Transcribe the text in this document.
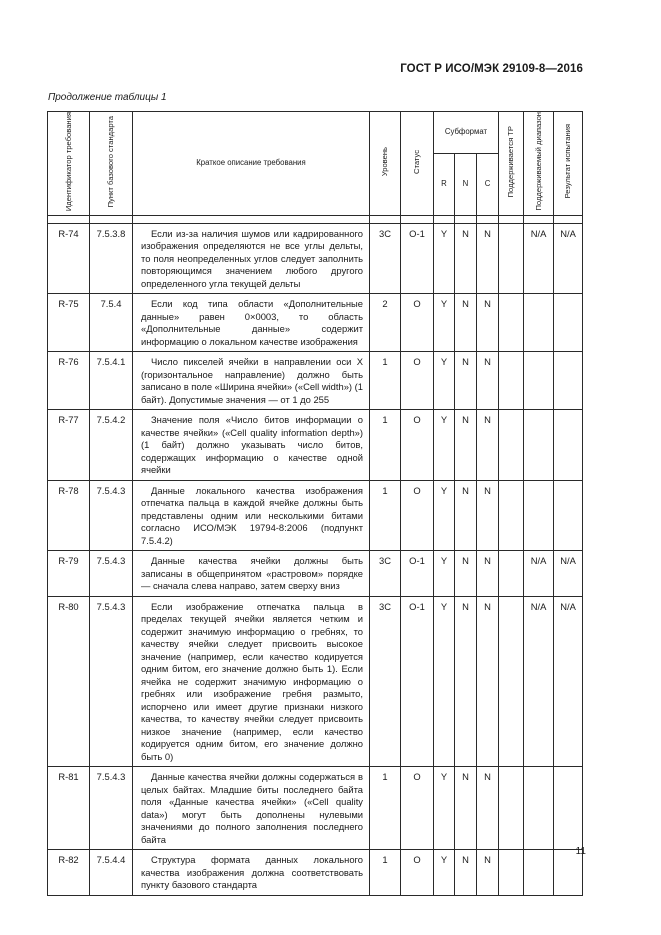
ГОСТ Р ИСО/МЭК 29109-8—2016
Продолжение таблицы 1
Идентификатор требования	Пункт базового стандарта	Краткое описание требования	Уровень	Статус	Субформат			Поддерживается ТР	Поддерживаемый диапазон	Результат испытания
					R	N	C			

R-74	7.5.3.8	Если из-за наличия шумов или кадрированного изображения определяются не все углы дельты, то поля неопределенных углов следует заполнить повторяющимся значением любого другого определенного угла текущей дельты	3С	О-1	Y	N	N		N/A	N/A
R-75	7.5.4	Если код типа области «Дополнительные данные» равен 0×0003, то область «Дополнительные данные» содержит информацию о локальном качестве изображения	2	О	Y	N	N			
R-76	7.5.4.1	Число пикселей ячейки в направлении оси X (горизонтальное направление) должно быть записано в поле «Ширина ячейки» («Cell width») (1 байт). Допустимые значения — от 1 до 255	1	О	Y	N	N			
R-77	7.5.4.2	Значение поля «Число битов информации о качестве ячейки» («Cell quality information depth») (1 байт) должно указывать число битов, содержащих информацию о качестве одной ячейки	1	О	Y	N	N			
R-78	7.5.4.3	Данные локального качества изображения отпечатка пальца в каждой ячейке должны быть представлены одним или несколькими битами согласно ИСО/МЭК 19794-8:2006 (подпункт 7.5.4.2)	1	О	Y	N	N			
R-79	7.5.4.3	Данные качества ячейки должны быть записаны в общепринятом «растровом» порядке — сначала слева направо, затем сверху вниз	3С	О-1	Y	N	N		N/A	N/A
R-80	7.5.4.3	Если изображение отпечатка пальца в пределах текущей ячейки является четким и содержит значимую информацию о гребнях, то качеству ячейки следует присвоить высокое значение (например, если качество кодируется одним битом, его значение должно быть 1). Если ячейка не содержит значимую информацию о гребнях или изображение гребня размыто, испорчено или имеет другие признаки низкого качества, то качеству ячейки следует присвоить низкое значение (например, если качество кодируется одним битом, его значение должно быть 0)	3С	О-1	Y	N	N		N/A	N/A
R-81	7.5.4.3	Данные качества ячейки должны содержаться в целых байтах. Младшие биты последнего байта поля «Данные качества ячейки» («Cell quality data») могут быть дополнены нулевыми значениями до полного заполнения последнего байта	1	О	Y	N	N			
R-82	7.5.4.4	Структура формата данных локального качества изображения должна соответствовать пункту базового стандарта	1	О	Y	N	N			
11
